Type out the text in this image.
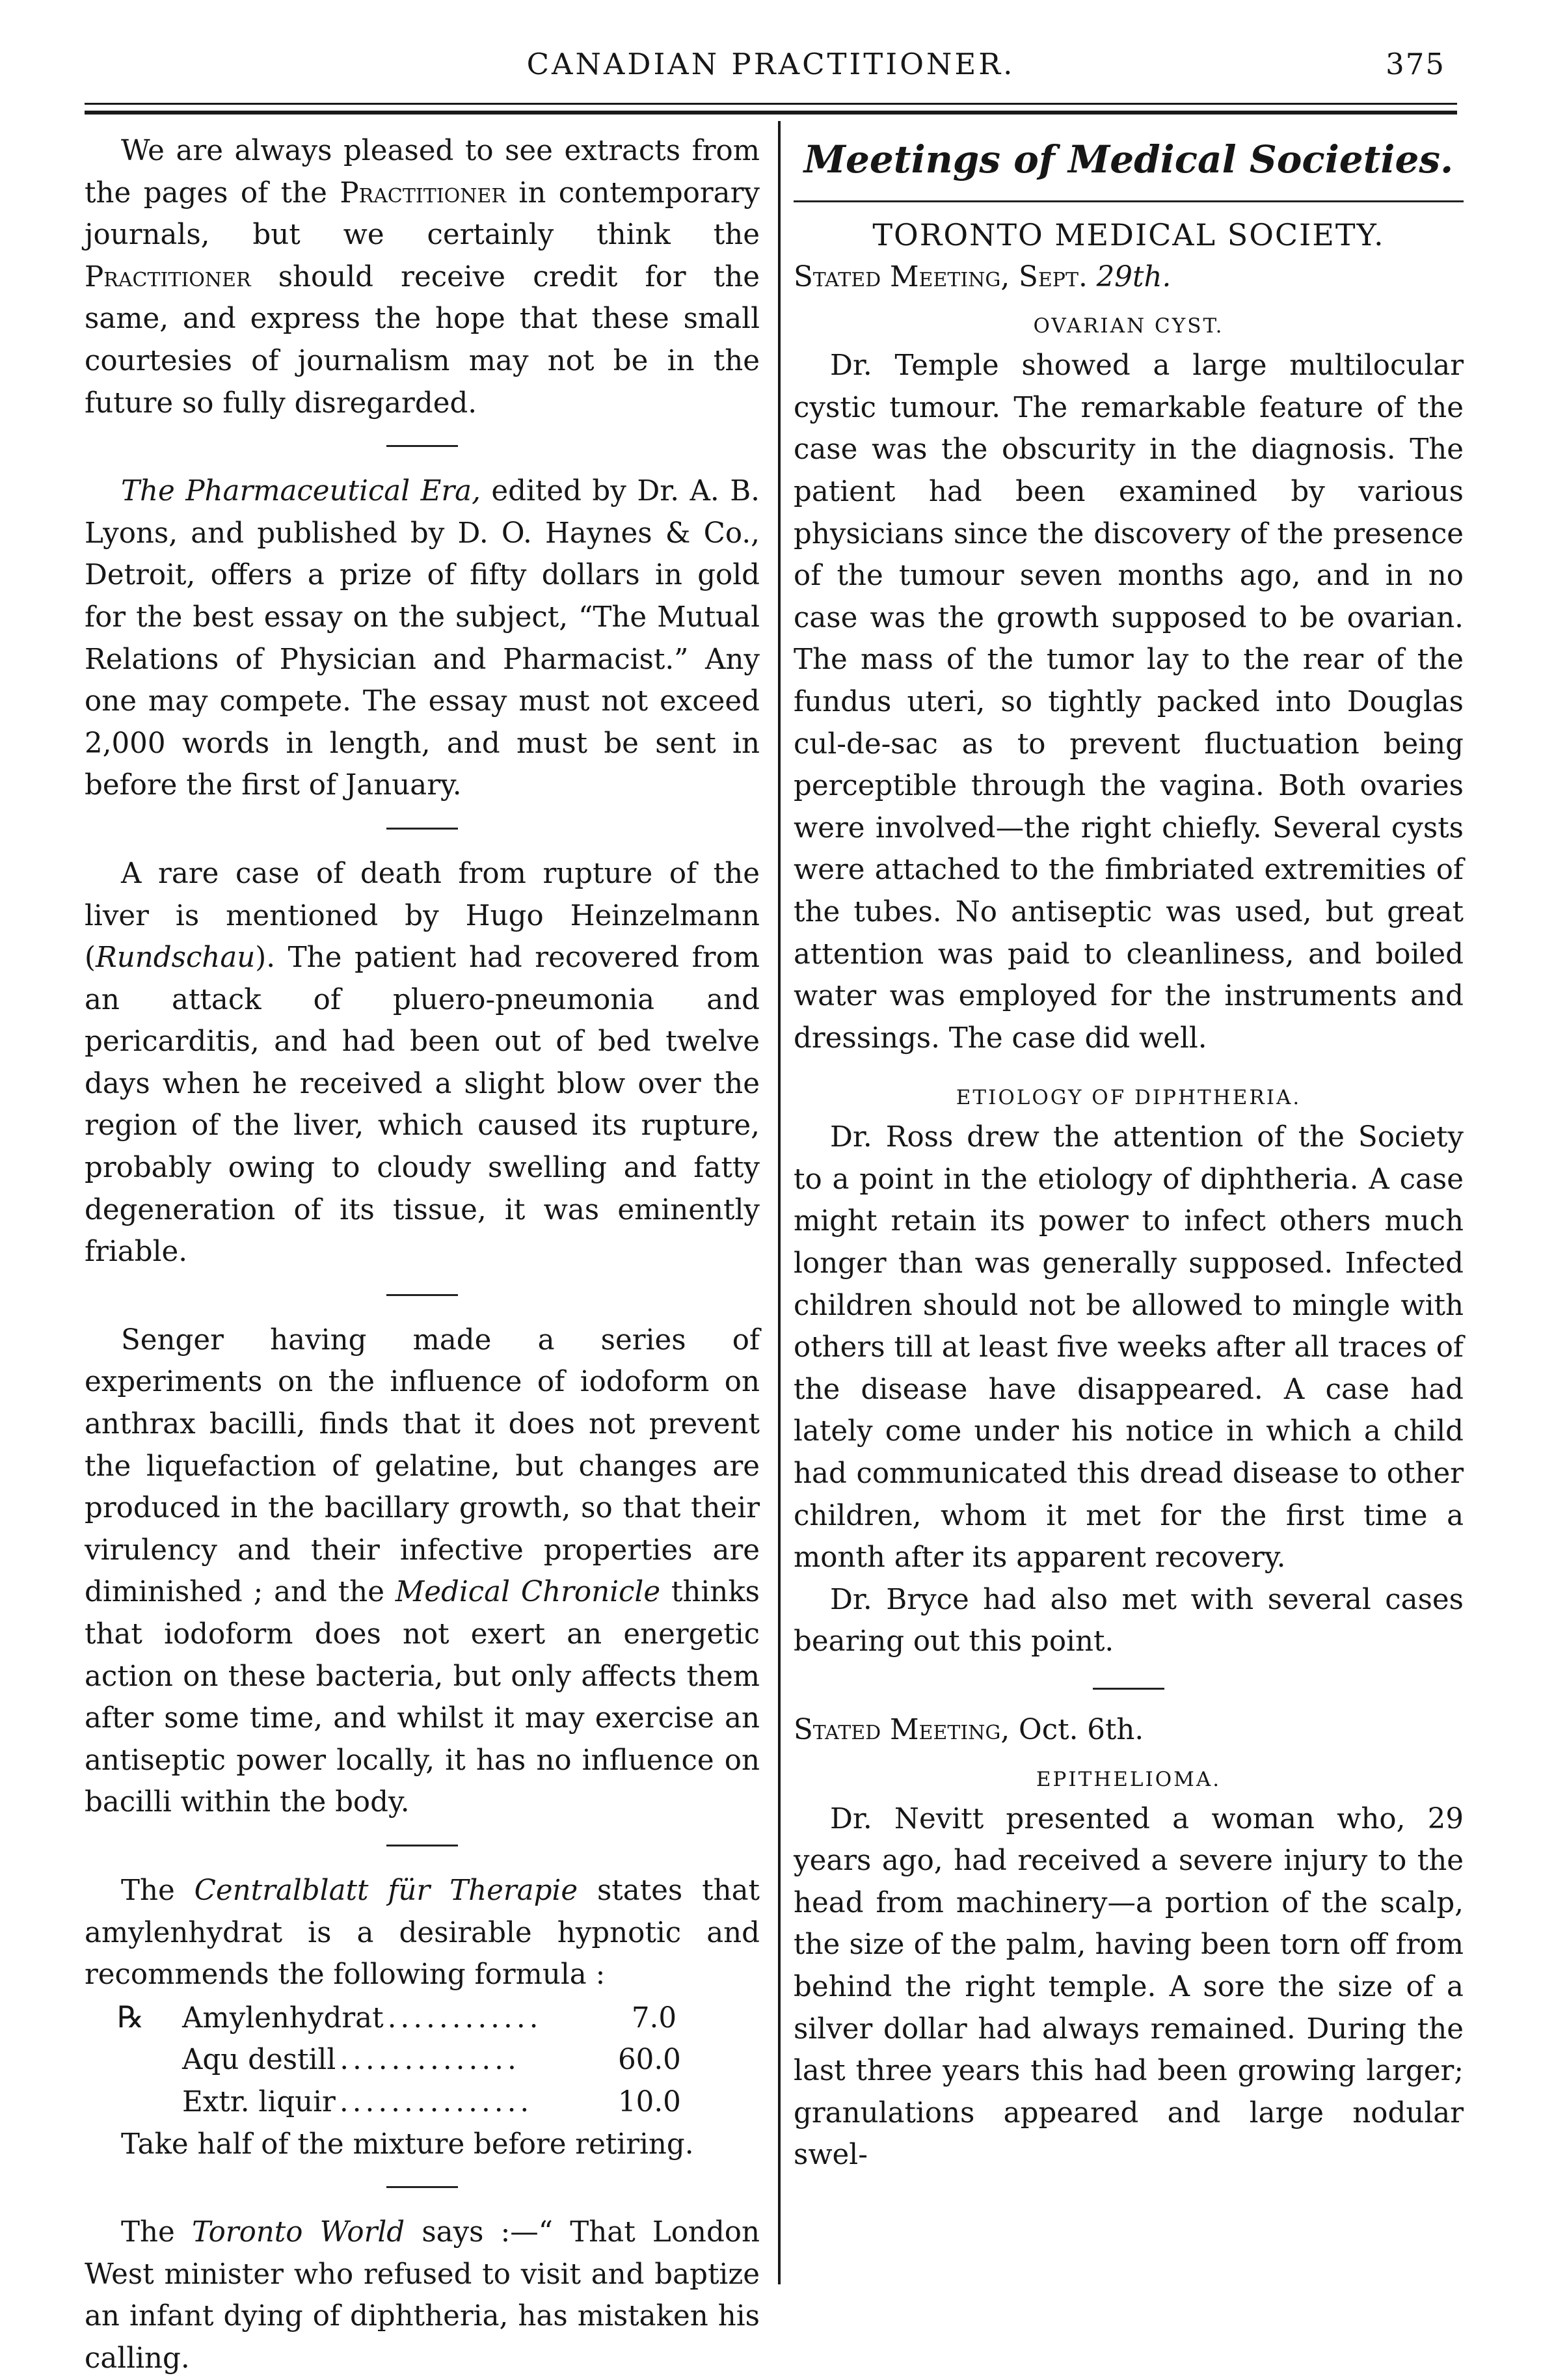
CANADIAN PRACTITIONER.	375

We are always pleased to see extracts from the pages of the Practitioner in contemporary journals, but we certainly think the Practitioner should receive credit for the same, and express the hope that these small courtesies of journalism may not be in the future so fully disregarded.

The Pharmaceutical Era, edited by Dr. A. B. Lyons, and published by D. O. Haynes & Co., Detroit, offers a prize of fifty dollars in gold for the best essay on the subject, “The Mutual Relations of Physician and Pharmacist.” Any one may compete. The essay must not exceed 2,000 words in length, and must be sent in before the first of January.

A rare case of death from rupture of the liver is mentioned by Hugo Heinzelmann (Rundschau). The patient had recovered from an attack of pluero-pneumonia and pericarditis, and had been out of bed twelve days when he received a slight blow over the region of the liver, which caused its rupture, probably owing to cloudy swelling and fatty degeneration of its tissue, it was eminently friable.

Senger having made a series of experiments on the influence of iodoform on anthrax bacilli, finds that it does not prevent the liquefaction of gelatine, but changes are produced in the bacillary growth, so that their virulency and their infective properties are diminished ; and the Medical Chronicle thinks that iodoform does not exert an energetic action on these bacteria, but only affects them after some time, and whilst it may exercise an antiseptic power locally, it has no influence on bacilli within the body.

The Centralblatt für Therapie states that amylenhydrat is a desirable hypnotic and recommends the following formula :

℞	Amylenhydrat ............	7.0
Aqu destill ..............	60.0
Extr. liquir ...............	10.0

Take half of the mixture before retiring.

The Toronto World says :—“ That London West minister who refused to visit and baptize an infant dying of diphtheria, has mistaken his calling.

Meetings of Medical Societies.
TORONTO MEDICAL SOCIETY.

Stated Meeting, Sept. 29th.

OVARIAN CYST.

Dr. Temple showed a large multilocular cystic tumour. The remarkable feature of the case was the obscurity in the diagnosis. The patient had been examined by various physicians since the discovery of the presence of the tumour seven months ago, and in no case was the growth supposed to be ovarian. The mass of the tumor lay to the rear of the fundus uteri, so tightly packed into Douglas cul-de-sac as to prevent fluctuation being perceptible through the vagina. Both ovaries were involved—the right chiefly. Several cysts were attached to the fimbriated extremities of the tubes. No antiseptic was used, but great attention was paid to cleanliness, and boiled water was employed for the instruments and dressings. The case did well.

ETIOLOGY OF DIPHTHERIA.

Dr. Ross drew the attention of the Society to a point in the etiology of diphtheria. A case might retain its power to infect others much longer than was generally supposed. Infected children should not be allowed to mingle with others till at least five weeks after all traces of the disease have disappeared. A case had lately come under his notice in which a child had communicated this dread disease to other children, whom it met for the first time a month after its apparent recovery.

Dr. Bryce had also met with several cases bearing out this point.

Stated Meeting, Oct. 6th.

EPITHELIOMA.

Dr. Nevitt presented a woman who, 29 years ago, had received a severe injury to the head from machinery—a portion of the scalp, the size of the palm, having been torn off from behind the right temple. A sore the size of a silver dollar had always remained. During the last three years this had been growing larger; granulations appeared and large nodular swel-
